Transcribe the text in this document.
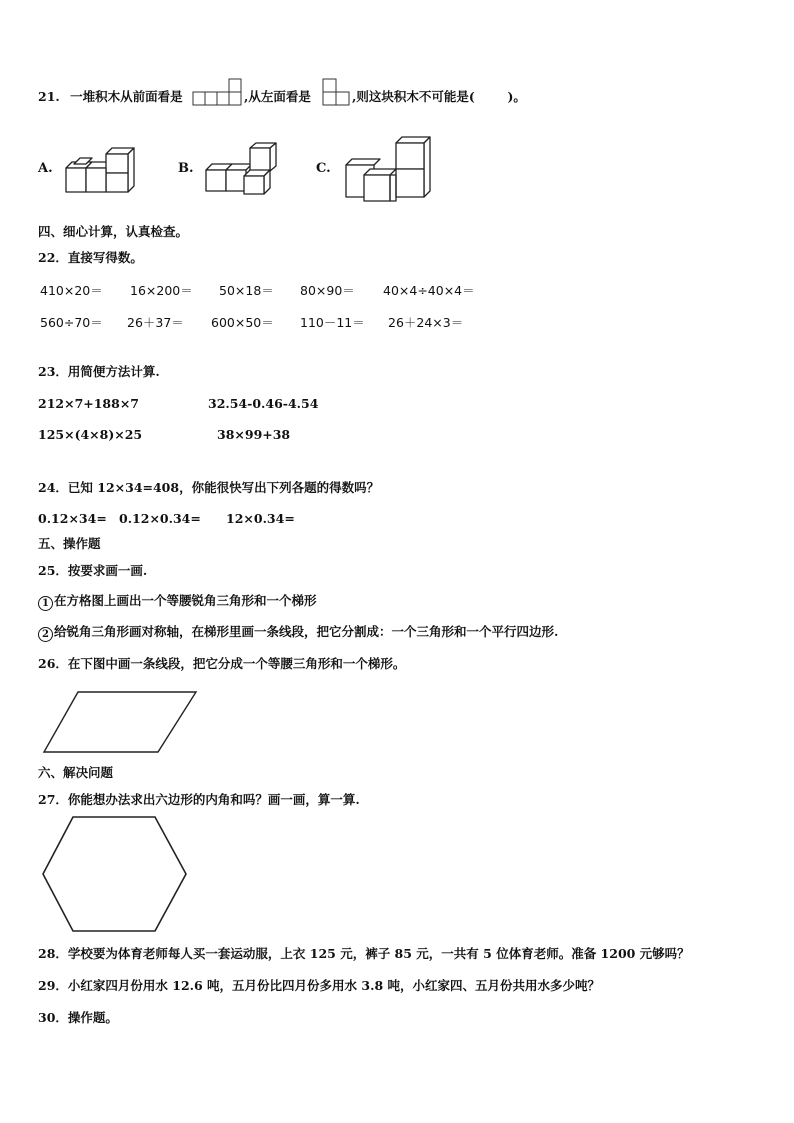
21. 一堆积木从前面看是	,从左面看是	,则这块积木不可能是(	)。
A.	B.	C.
四、细心计算，认真检查。
22．直接写得数。
410×20＝ 16×200＝ 50×18＝ 80×90＝ 40×4÷40×4＝
560÷70＝ 26＋37＝ 600×50＝ 110－11＝ 26＋24×3＝
23．用简便方法计算.
212×7+188×7	32.54-0.46-4.54
125×(4×8)×25	38×99+38
24．已知 12×34=408，你能很快写出下列各题的得数吗？
0.12×34= 0.12×0.34= 12×0.34=
五、操作题
25．按要求画一画.
1 在方格图上画出一个等腰锐角三角形和一个梯形
2 给锐角三角形画对称轴，在梯形里画一条线段，把它分割成：一个三角形和一个平行四边形.
26．在下图中画一条线段，把它分成一个等腰三角形和一个梯形。
六、解决问题
27．你能想办法求出六边形的内角和吗？画一画，算一算.
28．学校要为体育老师每人买一套运动服，上衣 125 元，裤子 85 元，一共有 5 位体育老师。准备 1200 元够吗？
29．小红家四月份用水 12.6 吨，五月份比四月份多用水 3.8 吨，小红家四、五月份共用水多少吨？
30．操作题。
